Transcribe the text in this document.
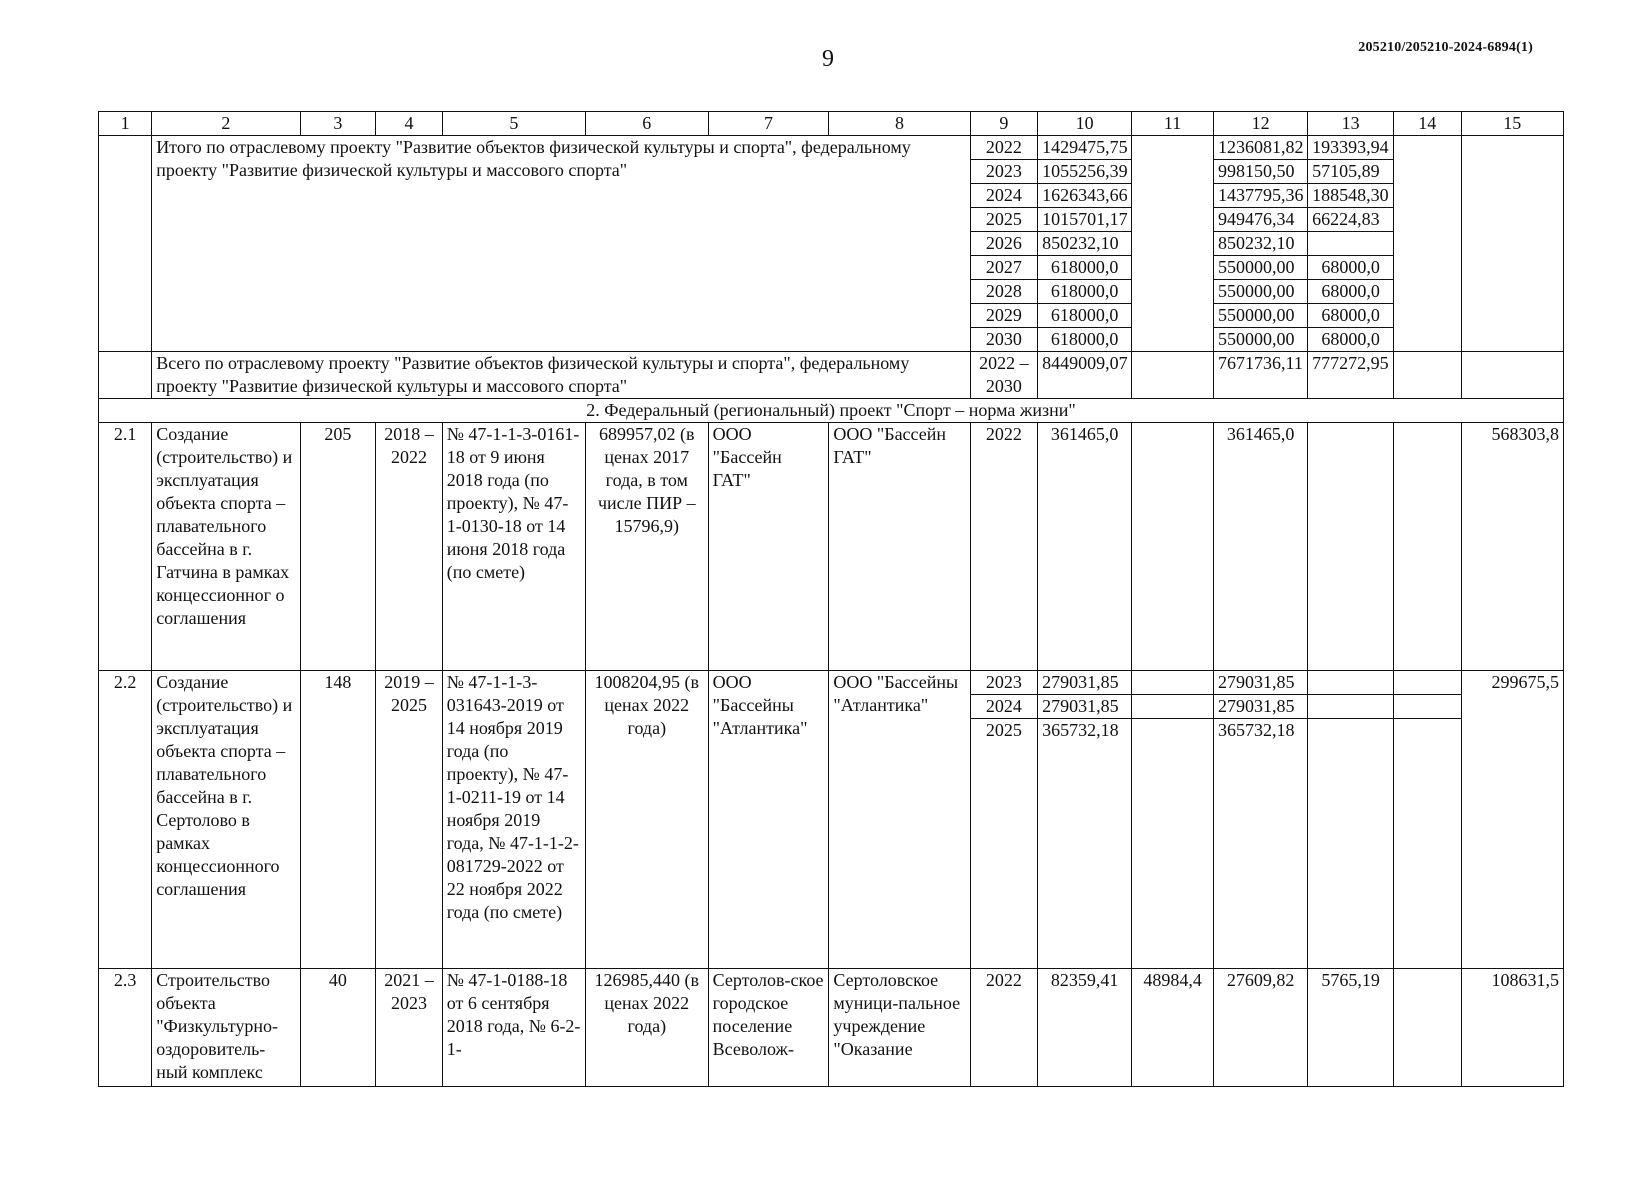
9	205210/205210-2024-6894(1)
1	2	3	4	5	6	7	8	9	10	11	12	13	14	15
	Итого по отраслевому проекту "Развитие объектов физической культуры и спорта", федеральному проекту "Развитие физической культуры и массового спорта"							2022	1429475,75		1236081,82	193393,94		
								2023	1055256,39		998150,50	57105,89		
								2024	1626343,66		1437795,36	188548,30		
								2025	1015701,17		949476,34	66224,83		
								2026	850232,10		850232,10			
								2027	618000,0		550000,00	68000,0		
								2028	618000,0		550000,00	68000,0		
								2029	618000,0		550000,00	68000,0		
								2030	618000,0		550000,00	68000,0		
	Всего по отраслевому проекту "Развитие объектов физической культуры и спорта", федеральному проекту "Развитие физической культуры и массового спорта"							2022 – 2030	8449009,07		7671736,11	777272,95		
2. Федеральный (региональный) проект "Спорт – норма жизни"														
2.1	Создание (строительство) и эксплуатация объекта спорта – плавательного бассейна в г. Гатчина в рамках концессионног о соглашения	205	2018 – 2022	№ 47-1-1-3-0161-18 от 9 июня 2018 года (по проекту), № 47-1-0130-18 от 14 июня 2018 года (по смете)	689957,02 (в ценах 2017 года, в том числе ПИР – 15796,9)	ООО "Бассейн ГАТ"	ООО "Бассейн ГАТ"	2022	361465,0		361465,0			568303,8
2.2	Создание (строительство) и эксплуатация объекта спорта – плавательного бассейна в г. Сертолово в рамках концессионного соглашения	148	2019 – 2025	№ 47-1-1-3-031643-2019 от 14 ноября 2019 года (по проекту), № 47-1-0211-19 от 14 ноября 2019 года, № 47-1-1-2-081729-2022 от 22 ноября 2022 года (по смете)	1008204,95 (в ценах 2022 года)	ООО "Бассейны "Атлантика"	ООО "Бассейны "Атлантика"	2023	279031,85		279031,85			299675,5
								2024	279031,85		279031,85			
								2025	365732,18		365732,18			
2.3	Строительство объекта "Физкультурно-оздоровитель-ный комплекс	40	2021 – 2023	№ 47-1-0188-18 от 6 сентября 2018 года, № 6-2-1-	126985,440 (в ценах 2022 года)	Сертолов-ское городское поселение Всеволож-	Сертоловское муници-пальное учреждение "Оказание	2022	82359,41	48984,4	27609,82	5765,19		108631,5
